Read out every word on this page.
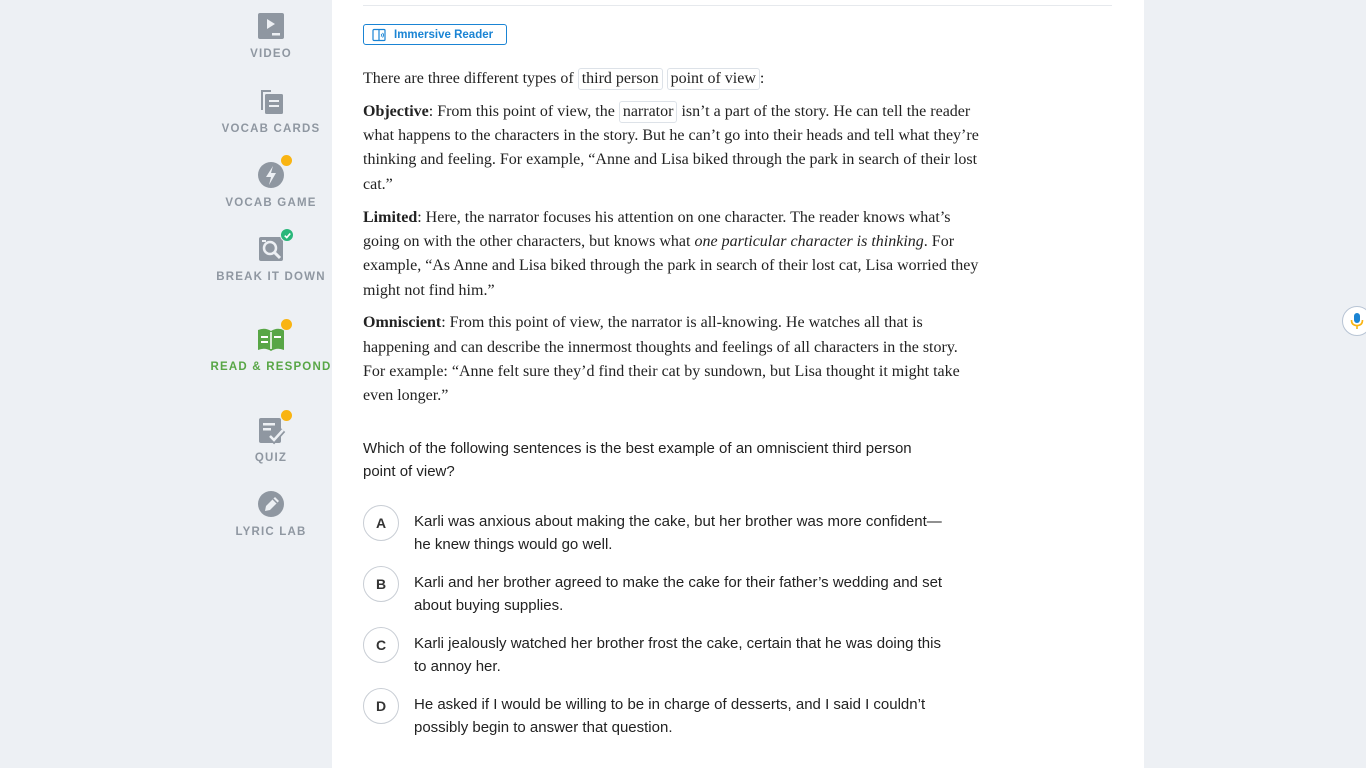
VIDEO
VOCAB CARDS
VOCAB GAME
BREAK IT DOWN
READ & RESPOND
QUIZ
LYRIC LAB
Immersive Reader

There are three different types of third person point of view :

Objective: From this point of view, the narrator isn’t a part of the story. He can tell the reader what happens to the characters in the story. But he can’t go into their heads and tell what they’re thinking and feeling. For example, “Anne and Lisa biked through the park in search of their lost cat.”

Limited: Here, the narrator focuses his attention on one character. The reader knows what’s going on with the other characters, but knows what one particular character is thinking. For example, “As Anne and Lisa biked through the park in search of their lost cat, Lisa worried they might not find him.”

Omniscient: From this point of view, the narrator is all-knowing. He watches all that is happening and can describe the innermost thoughts and feelings of all characters in the story. For example: “Anne felt sure they’d find their cat by sundown, but Lisa thought it might take even longer.”

Which of the following sentences is the best example of an omniscient third person point of view?
A	Karli was anxious about making the cake, but her brother was more confident—he knew things would go well.
B	Karli and her brother agreed to make the cake for their father’s wedding and set about buying supplies.
C	Karli jealously watched her brother frost the cake, certain that he was doing this to annoy her.
D	He asked if I would be willing to be in charge of desserts, and I said I couldn’t possibly begin to answer that question.
